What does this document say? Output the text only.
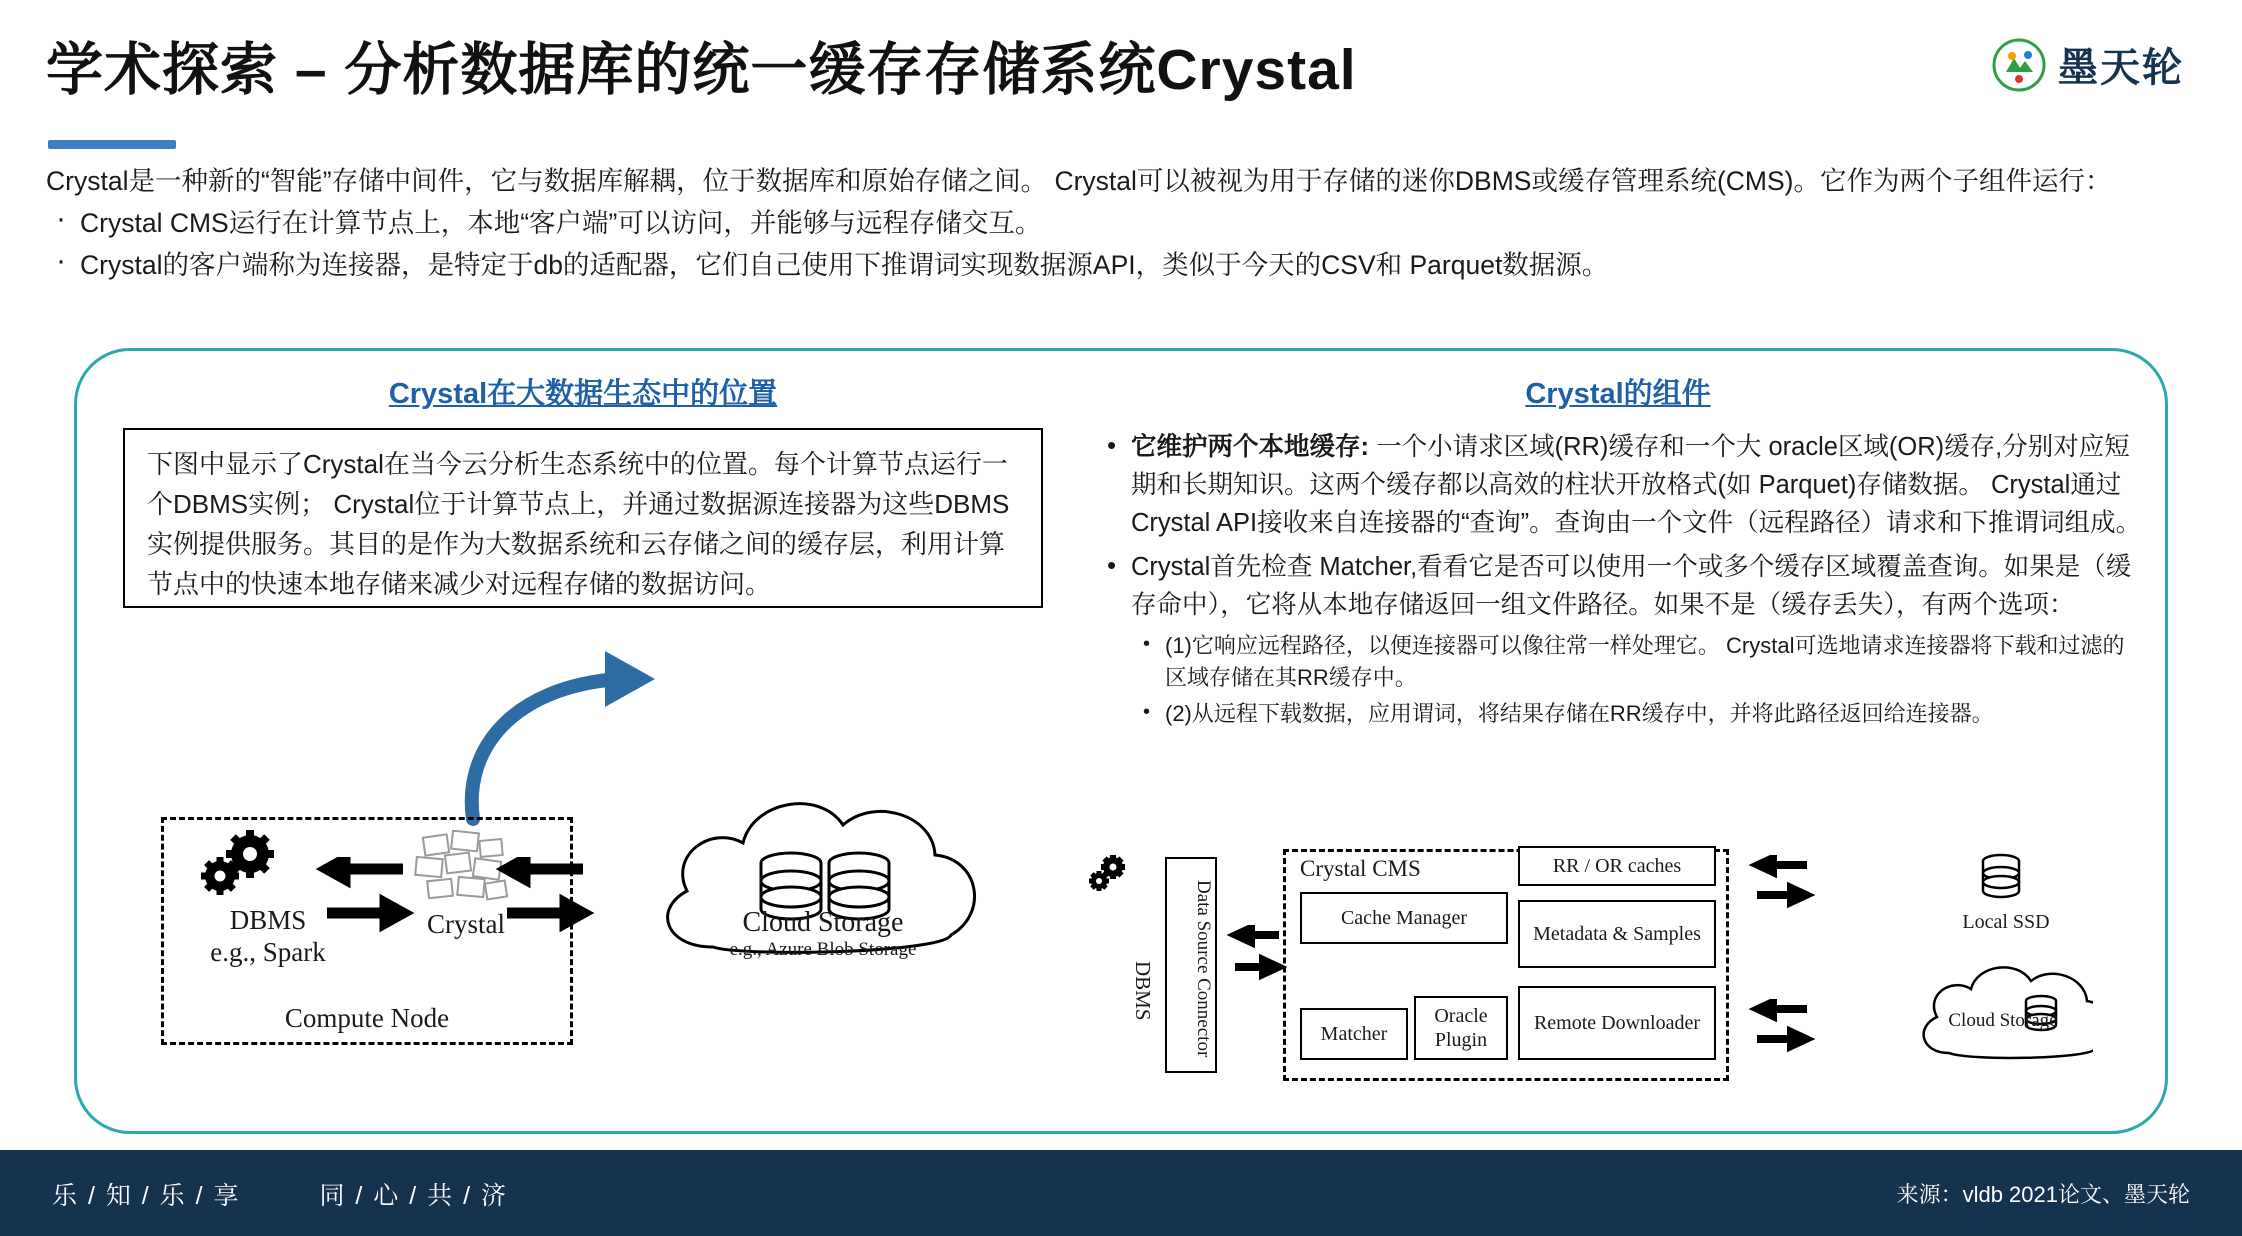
学术探索 – 分析数据库的统一缓存存储系统Crystal	墨天轮

Crystal是一种新的“智能”存储中间件，它与数据库解耦，位于数据库和原始存储之间。 Crystal可以被视为用于存储的迷你DBMS或缓存管理系统(CMS)。它作为两个子组件运行：

· Crystal CMS运行在计算节点上，本地“客户端”可以访问，并能够与远程存储交互。
· Crystal的客户端称为连接器，是特定于db的适配器，它们自己使用下推谓词实现数据源API，类似于今天的CSV和 Parquet数据源。
Crystal在大数据生态中的位置
下图中显示了Crystal在当今云分析生态系统中的位置。每个计算节点运行一个DBMS实例； Crystal位于计算节点上，并通过数据源连接器为这些DBMS实例提供服务。其目的是作为大数据系统和云存储之间的缓存层，利用计算节点中的快速本地存储来减少对远程存储的数据访问。
DBMS
e.g., Spark
Crystal
Compute Node
Cloud Storage
e.g., Azure Blob Storage
Crystal的组件
• 它维护两个本地缓存: 一个小请求区域(RR)缓存和一个大 oracle区域(OR)缓存,分别对应短期和长期知识。这两个缓存都以高效的柱状开放格式(如 Parquet)存储数据。 Crystal通过 Crystal API接收来自连接器的“查询”。查询由一个文件（远程路径）请求和下推谓词组成。
• Crystal首先检查 Matcher,看看它是否可以使用一个或多个缓存区域覆盖查询。如果是（缓存命中），它将从本地存储返回一组文件路径。如果不是（缓存丢失），有两个选项：
• (1)它响应远程路径，以便连接器可以像往常一样处理它。 Crystal可选地请求连接器将下载和过滤的区域存储在其RR缓存中。
• (2)从远程下载数据，应用谓词，将结果存储在RR缓存中，并将此路径返回给连接器。
DBMS	Data Source Connector
Crystal CMS
Cache Manager
Matcher
Oracle Plugin
RR / OR caches
Metadata & Samples
Remote Downloader
Local SSD
Cloud Storage
乐 / 知 / 乐 / 享	同 / 心 / 共 / 济	来源：vldb 2021论文、墨天轮
